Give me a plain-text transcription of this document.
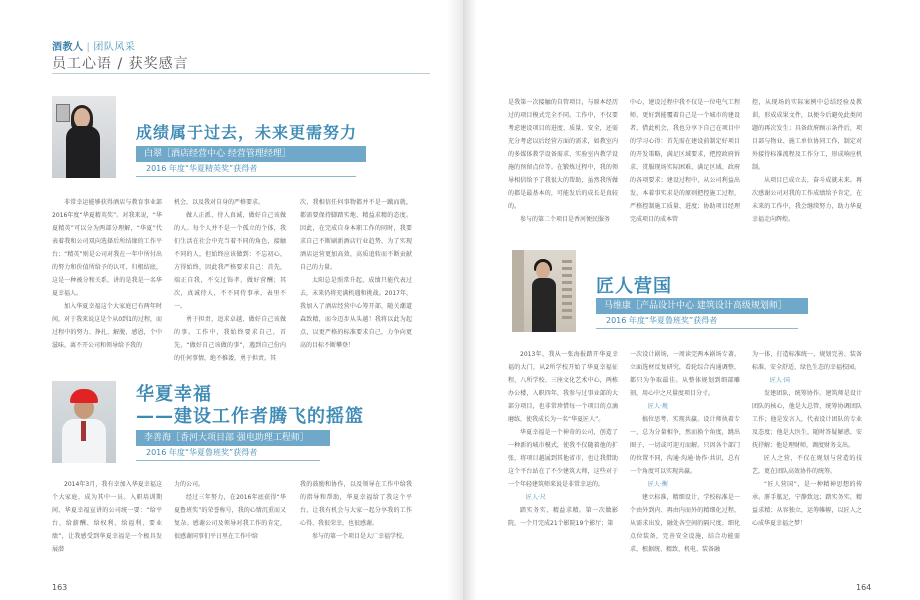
酒教人 | 团队风采
员工心语 / 获奖感言
成绩属于过去，未来更需努力
白翠［酒店经营中心 经营管理经理］
2016 年度“华夏精英奖”获得者

非常幸运能够获得酒店与教育事业部2016年度“华夏精英奖”。对我来说，“华夏精英”可以分为两部分理解，“华夏”代表着我和公司双向选择后所结缘的工作平台；“精英”则是公司对我在一年中所付出的努力和价值所给予的认可，归根结底，这是一种被分和关系，讲的是我是一名华夏幸福人。

加入华夏幸福这个大家庭已有两年时间，对于我来说这是个从0到1的过程，而过程中的努力、挣扎、解脱、感恩，个中滋味，离不开公司和领导给予我的

机会，以及我对自身的严格要求。

做人正派、待人真诚，做好自己该做的人。每个人并不是一个孤立的个体，我们生活在社会中充当着不同的角色，接触不同的人，但始终应该做到：不忘初心，方得始终，因此我严格要求自己：首先，端正自我，不交过饰孝，做好营酬；其次，真诚待人，不不同侍事承，表里不一。

勇于担责，追求卓越，做好自己该做的事。工作中，我始终要求自己，首先，“做好自己该做的事”，遇到自己份内的任何事情，绝不推诿，勇于担责。其

次，我相信任何事物都并不是一蹴而就，都需要保持脚踏实地、精益求精的态度。因此，在完成自身本职工作的同时，我要求自己不断刷新酒店行业趋势，为了实现酒店运营更加高效、高质追转而不断贡献自己的力量。

太阳总是照常升起，成绩只能代表过去，未来仍将充满机遇和挑战。2017年，我加入了酒店经营中心筹开部，随关潮道森致精，而今迈步从头越！我将以此为起点，以更严格的标准要求自己，力争向更高的目标不断攀登！

华夏幸福
——建设工作者腾飞的摇篮
李善海［香河大项目部 强电助理工程师］
2016 年度“华夏鲁班奖”获得者

2014年3月，我有幸加入华夏幸福这个大家庭，成为其中一员。入职培训期间，华夏幸福宣讲的公司统一要：“给平台、给薪酬、给权利、给福利、要业绩”，让我感受到华夏幸福是一个极具发展潜

力的公司。

经过三年努力，在2016年底获得“华夏鲁班奖”的荣誉称号，我的心情沉重而又复杂。感谢公司及领导对我工作的肯定，很感谢同事们平日里在工作中给

我的鼓励和协作，以及领导在工作中给我的指导和帮助，华夏幸福给了我这个平台，让我有机会与大家一起分享我的工作心得、我很荣幸，也很感谢。

参与的第一个项目是大厂幸福学校，

163

是我第一次接触的自管项目，与原本经历过的项目模式完全不同。工作中，不仅要考虑建设项目的进度、质量、安全，还需充分考虑以后经营方面的需求，如教室内的多媒体教学设备需求、实验室内教学设施的预留点位等。在锻炼过程中，我的领导相信给予了我很大的帮助，虽然我所做的都是最基本的，可能发后的成长是真较的。

参与的第二个项目是香河便民服务

中心，建设过程中我不仅是一位电气工程师，更好到能覆着自己是一个城市的建设者，借此机会，我也分享下自己在项目中的学习心得：首先需在建设前制定好项目的开发策略，满足区域要求，把控政府诉求，贯服现场实际困难，满足区域、政府的各项要求；建设过程中，从公司利益出发，本着事实求是的原则把控施工过程，严格控制施工质量、进度；协助项目经理完成项目的成本管

控，从现场的实际案例中总结经验及教训，形成成果文件，以便今后避免此类问题的再次发生；具备政府顾示条件后，项目部与物业、施工单位协同工作，制定对外接待标准流程及工作分工，形成响应机制。

从项目已成立去，奋斗成就未来。再次感谢公司对我的工作成绩给予肯定，在未来的工作中，我会继续努力，助力华夏幸福走向辉煌。

匠人营国
马维康［产品设计中心 建筑设计高级规划师］
2016 年度“华夏鲁班奖”获得者

2013年，我从一张海报踏开华夏幸福的大门，从2所学校开始了华夏幸福征程，八所学校、三座文化艺术中心，两栋办公楼，入职四年，我参与过事业部的大部分项目，也非常珍惜每一个项目的点滴磨练，使我成长为一名“华夏匠人”。

华夏幸福是一个神奇的公司，创造了一种新的城市模式，使我不仅随着他的扩张，将项目越展到其他省市，也让我借助这个平台站在了不少建筑大师，这些对于一个年轻建筑师来说是非常幸运的。

匠人·尺

踏实务实，精益求精。第一次做影院，一个月完成21个影院19个影厅；第

一次设计剧场，一周读完两本剧场专著。立面选材反复研究，看轮综合沟通调整，都只为争取最佳。从整体规划到细部雕刻，用心中之尺量度项目分寸。

匠人·规

搞位思考、实现共赢。设计师执着专一、总为分量相争，然而换个角度，跳出圈子，一切或可迎刃而解。只因各个部门的位置不同，沟通·沟通·协作·共识，总有一个角度可以实现共赢。

匠人·衡

建立标准，精细设计，学校标准是一个由外到内、再由内而外的精细化过程，从需求出发，融处各空间的隔尺度、细化点位装备，完善安全设施，结合功能需求，根据统、精致、机电、装备融

为一体，打造标准统一、规划完善、装备标准、安全舒适、绿色生态的幸福校园。

匠人·国

发建团队，统筹协作。建筑师是设计团队的核心，他是大总管，统筹协调团队工作；他是发言人，代表设计团队的专业及态度；他是大医生，随时答疑解惑，安抚抒解；他是理财师，调度财务支出。

匠人之营，不仅在规划与营造的技艺，更在团队高效协作的统筹。

“匠人营国”，是一种精神思想的传承。胼手胝足，宁静致远；踏实务实，精益求精；从容独立，运筹帷幄，以匠人之心成华夏幸福之梦！

164
